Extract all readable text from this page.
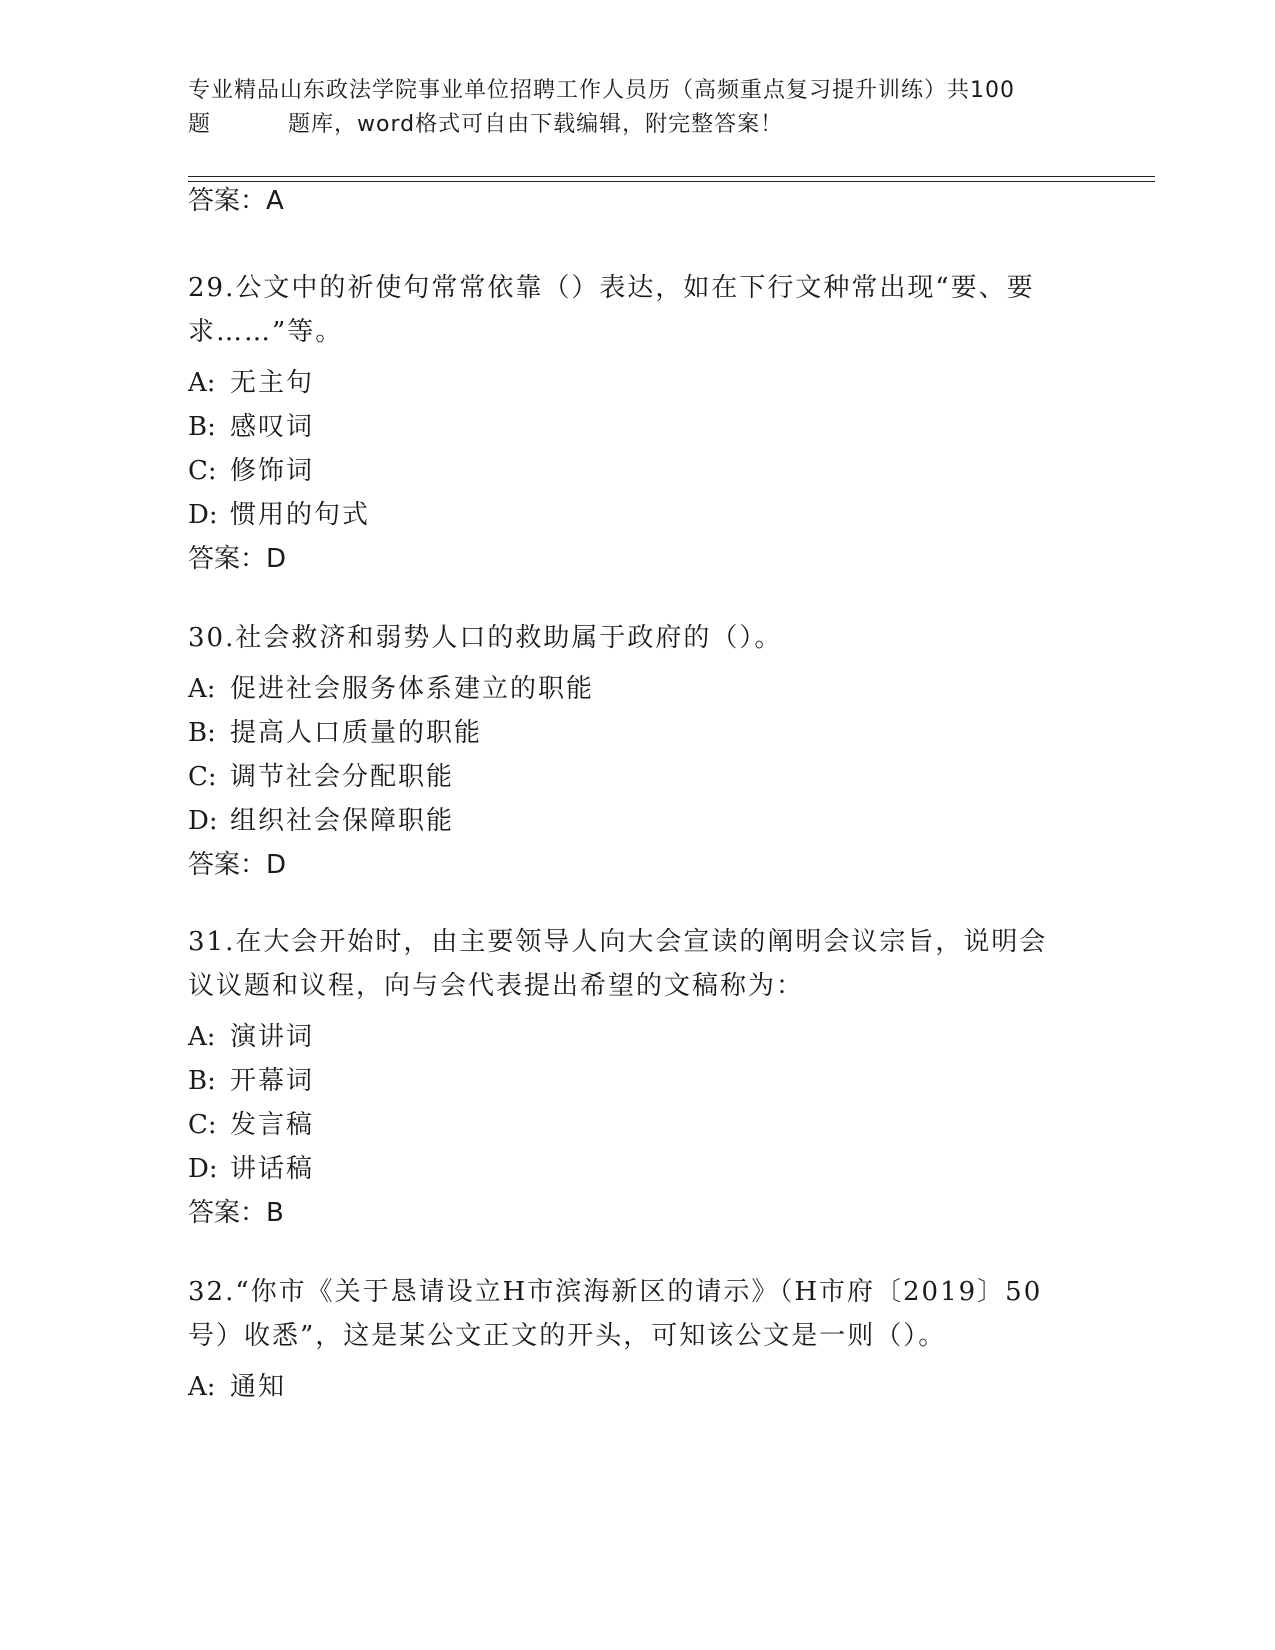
专业精品山东政法学院事业单位招聘工作人员历（高频重点复习提升训练）共100
题	题库，word格式可自由下载编辑，附完整答案！
答案：A
29.公文中的祈使句常常依靠（）表达，如在下行文种常出现“要、要
求……”等。
A: 无主句
B: 感叹词
C: 修饰词
D: 惯用的句式
答案：D
30.社会救济和弱势人口的救助属于政府的（）。
A: 促进社会服务体系建立的职能
B: 提高人口质量的职能
C: 调节社会分配职能
D: 组织社会保障职能
答案：D
31.在大会开始时，由主要领导人向大会宣读的阐明会议宗旨，说明会
议议题和议程，向与会代表提出希望的文稿称为：
A: 演讲词
B: 开幕词
C: 发言稿
D: 讲话稿
答案：B
32.“你市《关于恳请设立H市滨海新区的请示》（H市府〔2019〕50
号）收悉”，这是某公文正文的开头，可知该公文是一则（）。
A: 通知
